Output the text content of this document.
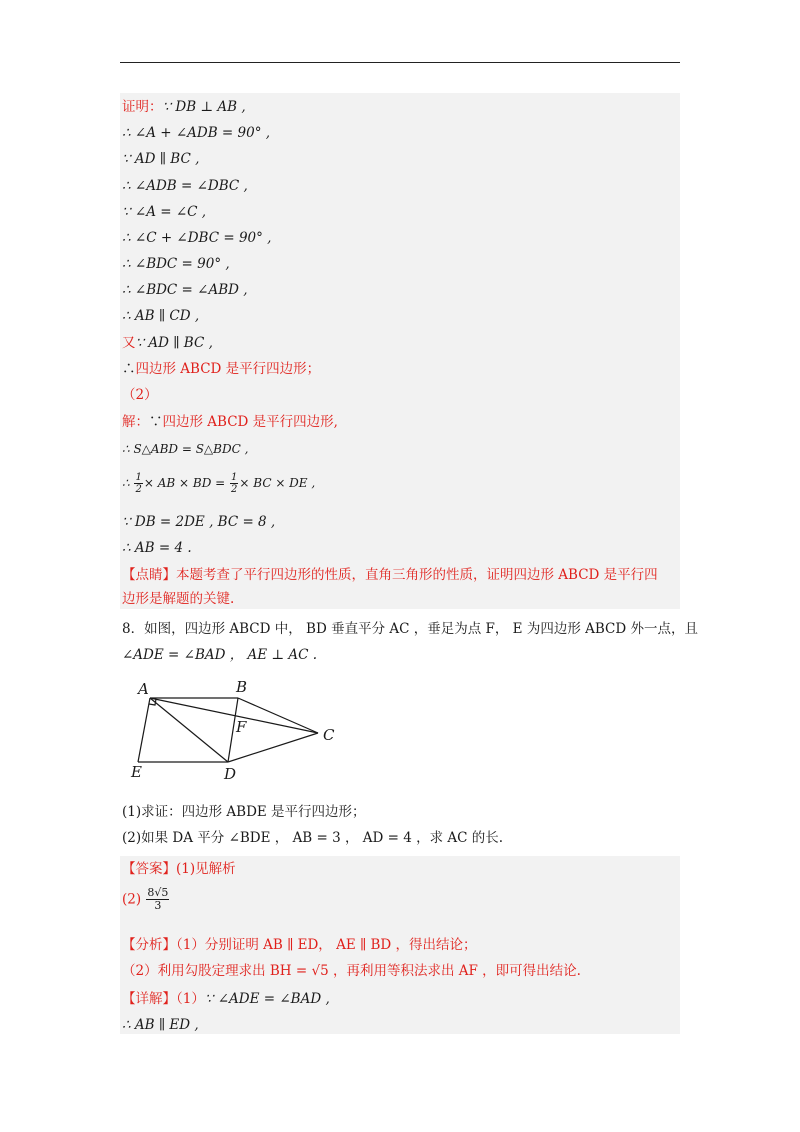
证明：∵ DB ⊥ AB ,
∴ ∠A + ∠ADB = 90° ,
∵ AD ∥ BC ,
∴ ∠ADB = ∠DBC ,
∵ ∠A = ∠C ,
∴ ∠C + ∠DBC = 90° ,
∴ ∠BDC = 90° ,
∴ ∠BDC = ∠ABD ,
∴ AB ∥ CD ,
又∵ AD ∥ BC ,
∴四边形 ABCD 是平行四边形；
（2）
解：∵四边形 ABCD 是平行四边形,
∴ S△ABD = S△BDC ,
∴ $\frac{1}{2}$ × AB × BD = $\frac{1}{2}$ × BC × DE ,
∵ DB = 2DE , BC = 8 ,
∴ AB = 4 .
【点睛】本题考查了平行四边形的性质，直角三角形的性质，证明四边形 ABCD 是平行四
边形是解题的关键.
8．如图，四边形 ABCD 中， BD 垂直平分 AC ，垂足为点 F， E 为四边形 ABCD 外一点，且
∠ADE = ∠BAD ， AE ⊥ AC .
A	B
C
D
E
F
(1)求证：四边形 ABDE 是平行四边形；
(2)如果 DA 平分 ∠BDE ， AB = 3 ， AD = 4 ，求 AC 的长.
【答案】(1)见解析
$(2) \frac{8√5}{3}$
【分析】（1）分别证明 AB ∥ ED， AE ∥ BD ，得出结论；
（2）利用勾股定理求出 BH = √5 ，再利用等积法求出 AF ，即可得出结论.
【详解】（1）∵ ∠ADE = ∠BAD ,
∴ AB ∥ ED ,
